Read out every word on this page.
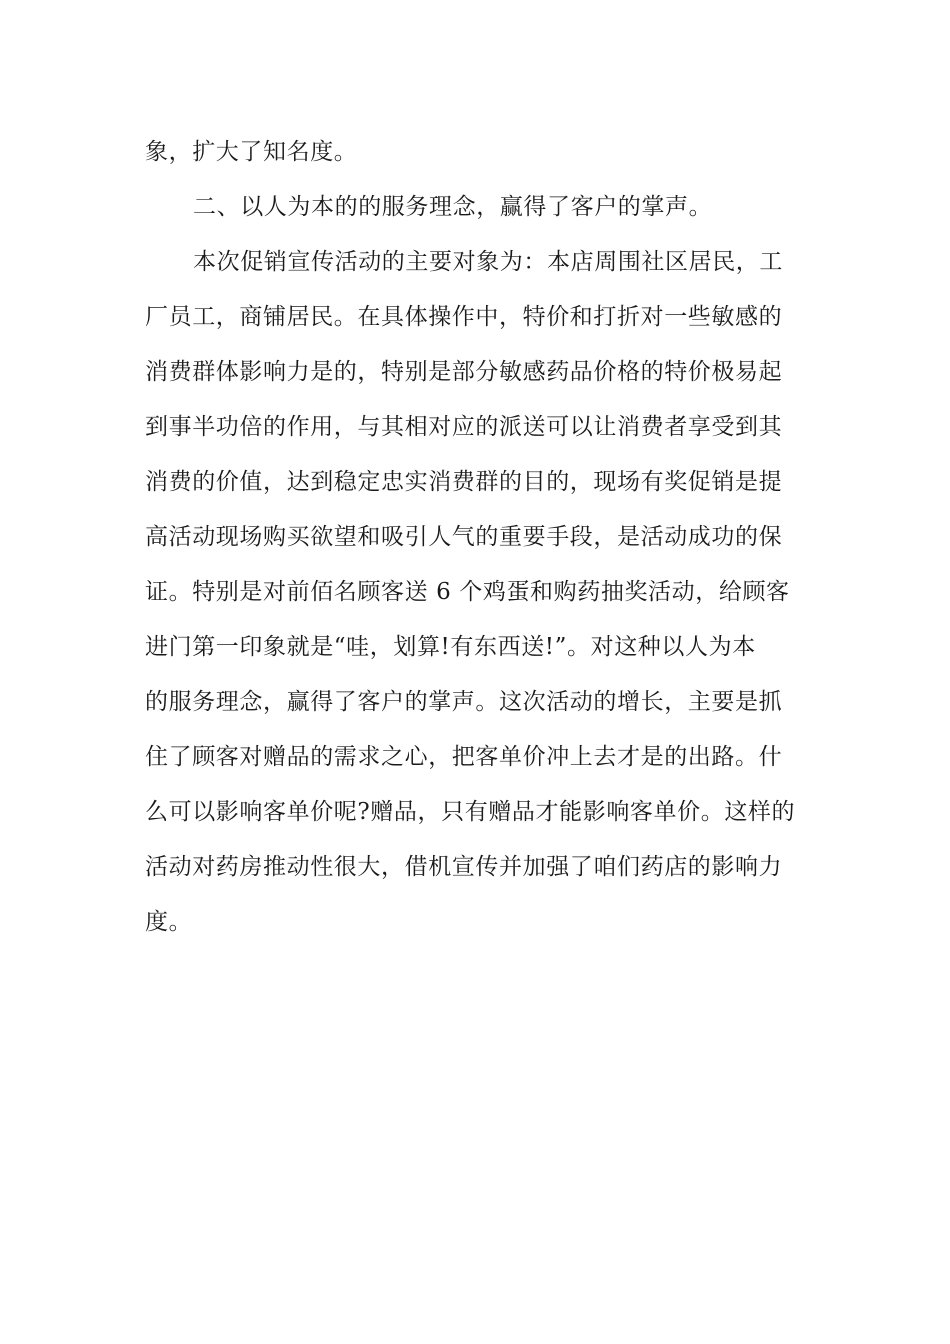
象，扩大了知名度。
二、以人为本的的服务理念，赢得了客户的掌声。
本次促销宣传活动的主要对象为：本店周围社区居民，工
厂员工，商铺居民。在具体操作中，特价和打折对一些敏感的
消费群体影响力是的，特别是部分敏感药品价格的特价极易起
到事半功倍的作用，与其相对应的派送可以让消费者享受到其
消费的价值，达到稳定忠实消费群的目的，现场有奖促销是提
高活动现场购买欲望和吸引人气的重要手段，是活动成功的保
证。特别是对前佰名顾客送 6 个鸡蛋和购药抽奖活动，给顾客
进门第一印象就是“哇，划算!有东西送!”。对这种以人为本
的服务理念，赢得了客户的掌声。这次活动的增长，主要是抓
住了顾客对赠品的需求之心，把客单价冲上去才是的出路。什
么可以影响客单价呢?赠品，只有赠品才能影响客单价。这样的
活动对药房推动性很大，借机宣传并加强了咱们药店的影响力
度。
